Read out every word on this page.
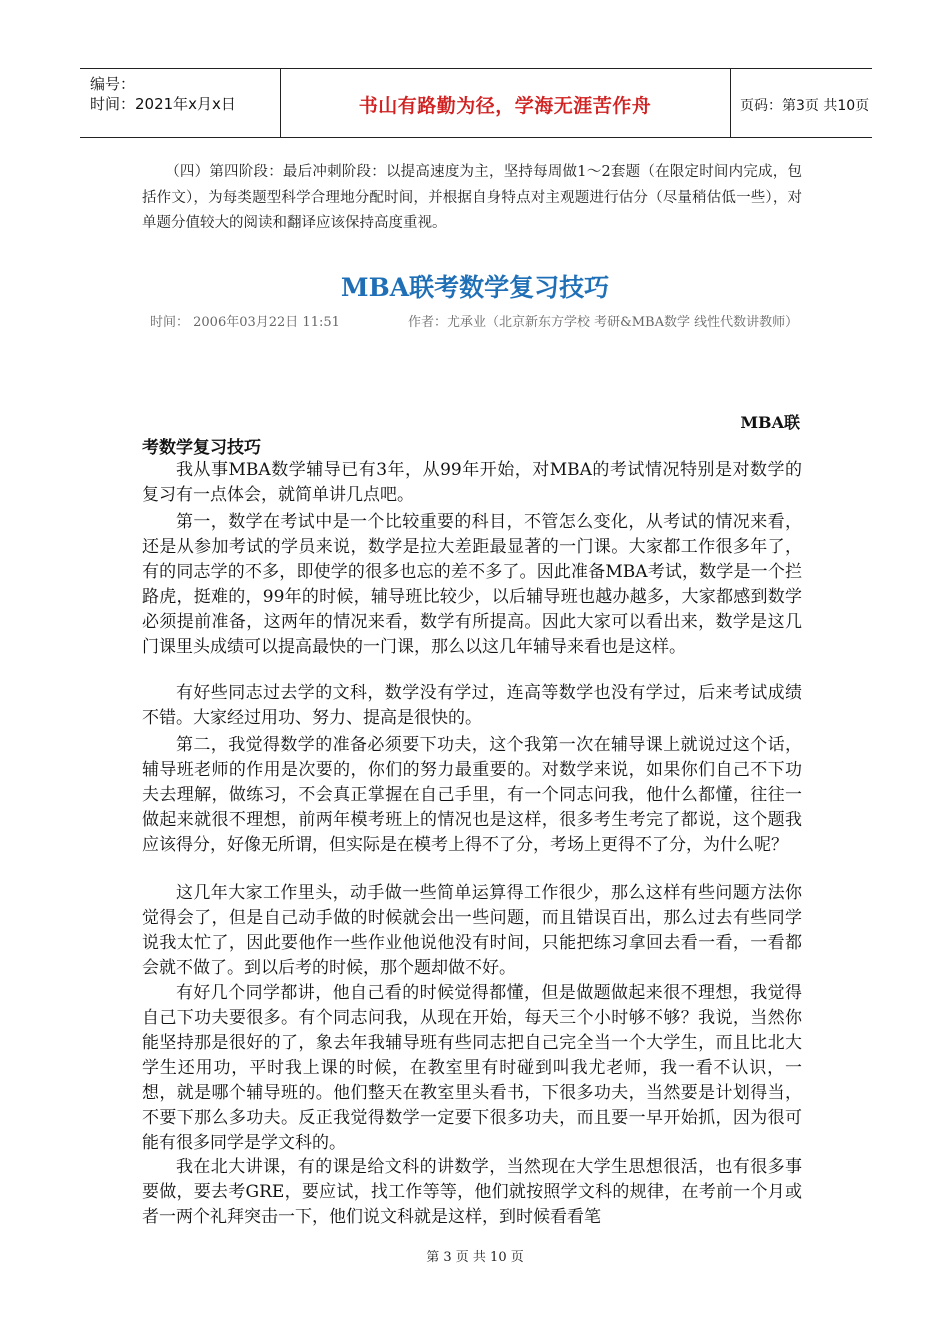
编号：
时间：2021年x月x日	书山有路勤为径，学海无涯苦作舟	页码：第3页 共10页

（四）第四阶段：最后冲刺阶段：以提高速度为主，坚持每周做1～2套题（在限定时间内完成，包括作文），为每类题型科学合理地分配时间，并根据自身特点对主观题进行估分（尽量稍估低一些），对单题分值较大的阅读和翻译应该保持高度重视。

MBA联考数学复习技巧
时间： 2006年03月22日 11:51	作者：尤承业（北京新东方学校 考研&MBA数学 线性代数讲教师）
MBA联
考数学复习技巧

我从事MBA数学辅导已有3年，从99年开始，对MBA的考试情况特别是对数学的复习有一点体会，就简单讲几点吧。

第一，数学在考试中是一个比较重要的科目，不管怎么变化，从考试的情况来看，还是从参加考试的学员来说，数学是拉大差距最显著的一门课。大家都工作很多年了，有的同志学的不多，即使学的很多也忘的差不多了。因此准备MBA考试，数学是一个拦路虎，挺难的，99年的时候，辅导班比较少，以后辅导班也越办越多，大家都感到数学必须提前准备，这两年的情况来看，数学有所提高。因此大家可以看出来，数学是这几门课里头成绩可以提高最快的一门课，那么以这几年辅导来看也是这样。

有好些同志过去学的文科，数学没有学过，连高等数学也没有学过，后来考试成绩不错。大家经过用功、努力、提高是很快的。

第二，我觉得数学的准备必须要下功夫，这个我第一次在辅导课上就说过这个话，辅导班老师的作用是次要的，你们的努力最重要的。对数学来说，如果你们自己不下功夫去理解，做练习，不会真正掌握在自己手里，有一个同志问我，他什么都懂，往往一做起来就很不理想，前两年模考班上的情况也是这样，很多考生考完了都说，这个题我应该得分，好像无所谓，但实际是在模考上得不了分，考场上更得不了分，为什么呢？

这几年大家工作里头，动手做一些简单运算得工作很少，那么这样有些问题方法你觉得会了，但是自己动手做的时候就会出一些问题，而且错误百出，那么过去有些同学说我太忙了，因此要他作一些作业他说他没有时间，只能把练习拿回去看一看，一看都会就不做了。到以后考的时候，那个题却做不好。

有好几个同学都讲，他自己看的时候觉得都懂，但是做题做起来很不理想，我觉得自己下功夫要很多。有个同志问我，从现在开始，每天三个小时够不够？我说，当然你能坚持那是很好的了，象去年我辅导班有些同志把自己完全当一个大学生，而且比北大学生还用功，平时我上课的时候，在教室里有时碰到叫我尤老师，我一看不认识，一想，就是哪个辅导班的。他们整天在教室里头看书，下很多功夫，当然要是计划得当，不要下那么多功夫。反正我觉得数学一定要下很多功夫，而且要一早开始抓，因为很可能有很多同学是学文科的。

我在北大讲课，有的课是给文科的讲数学，当然现在大学生思想很活，也有很多事要做，要去考GRE，要应试，找工作等等，他们就按照学文科的规律，在考前一个月或者一两个礼拜突击一下，他们说文科就是这样，到时候看看笔

第 3 页 共 10 页
